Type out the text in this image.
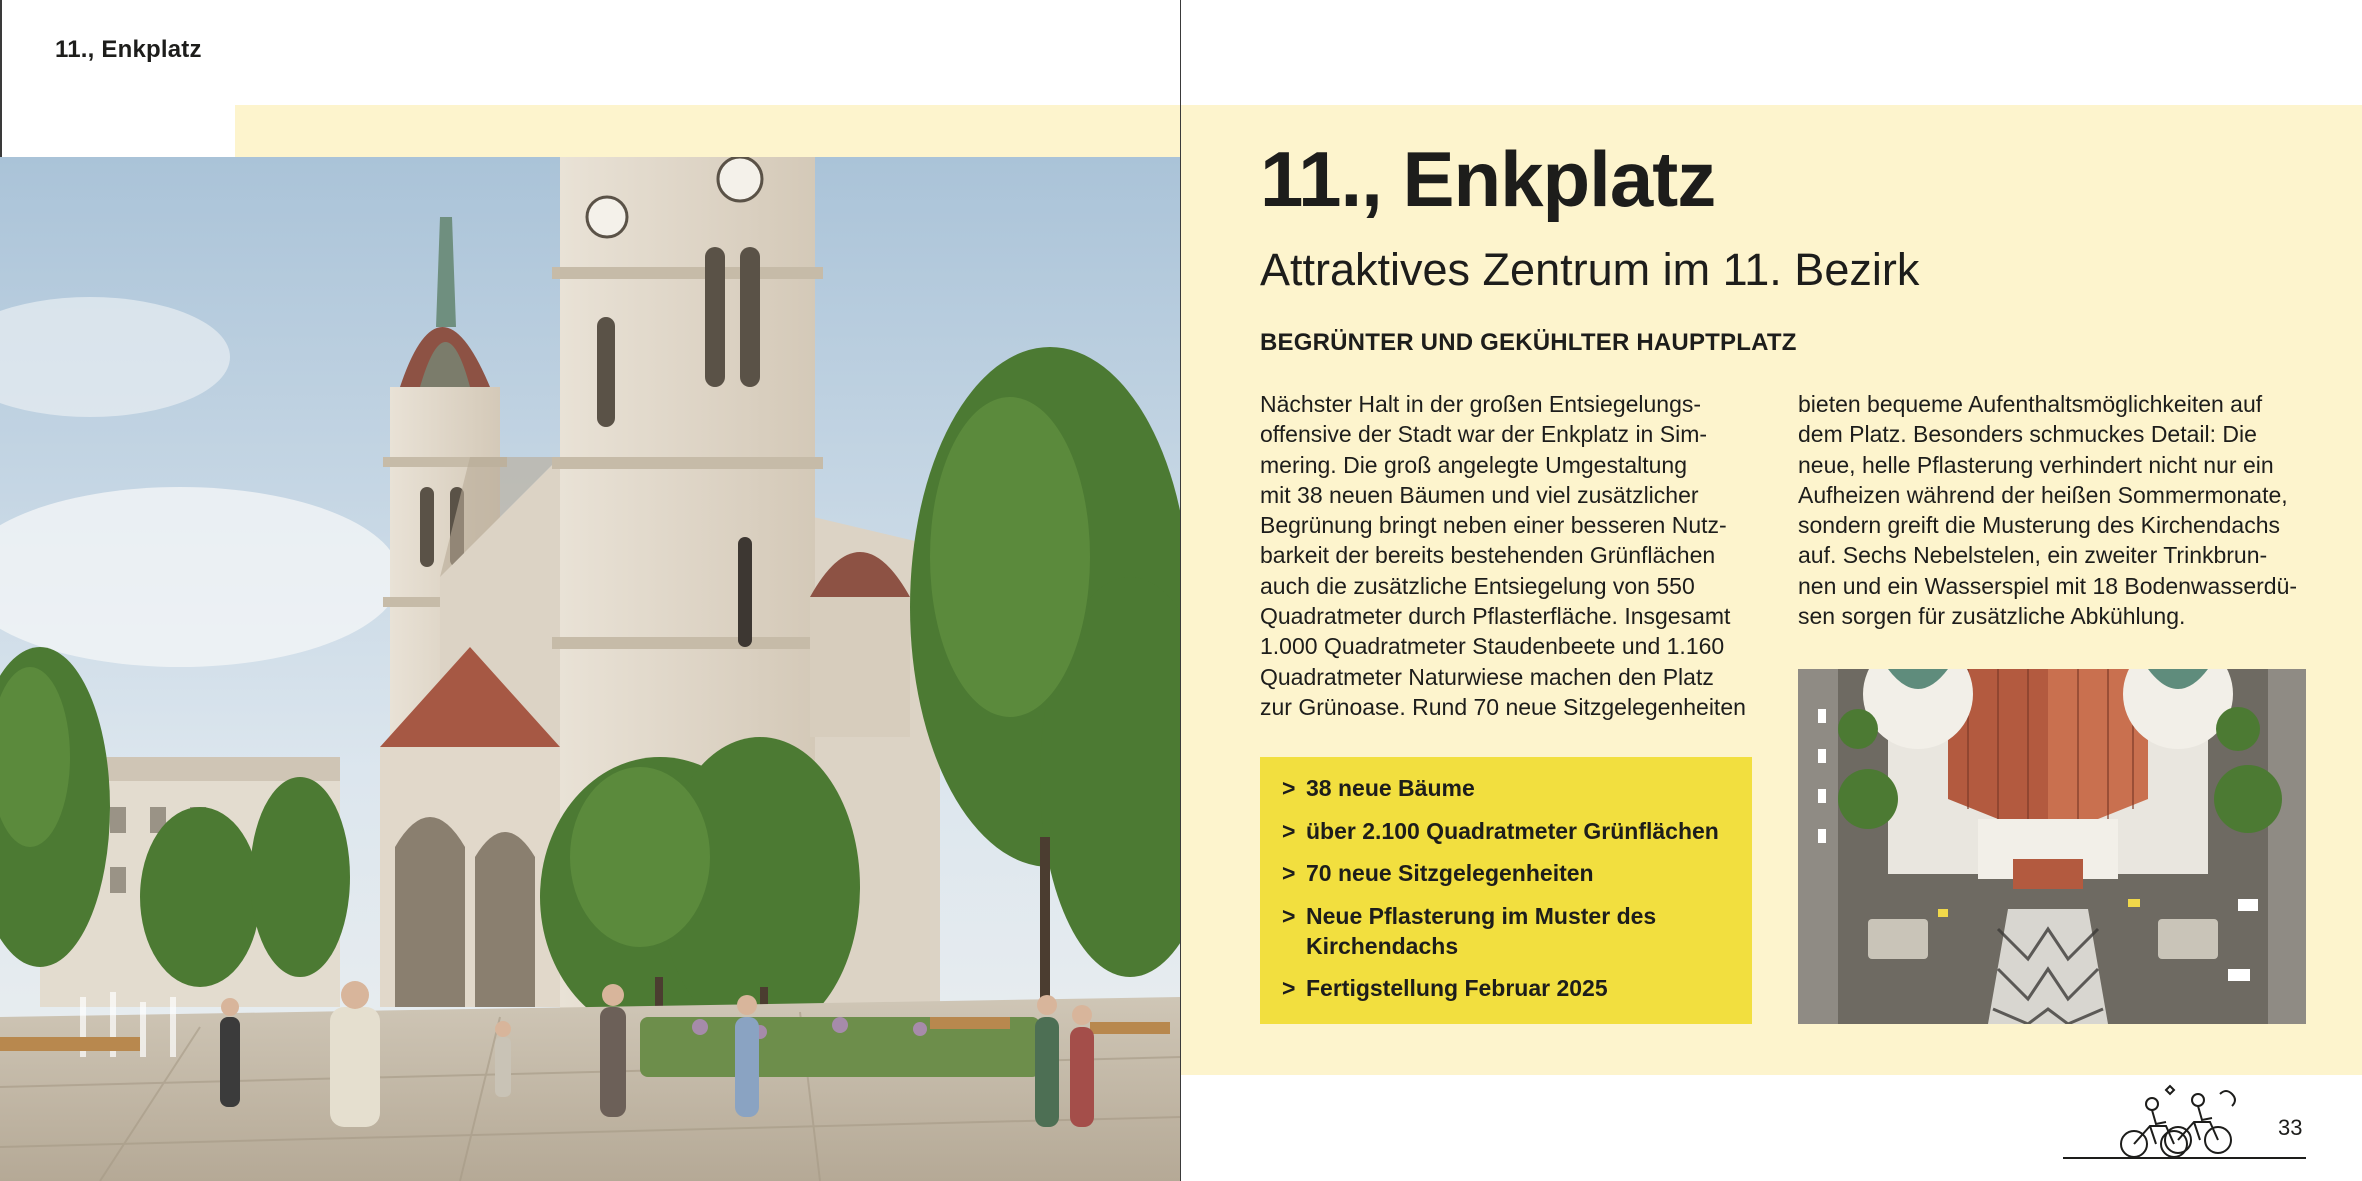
11., Enkplatz
11., Enkplatz
Attraktives Zentrum im 11. Bezirk
BEGRÜNTER UND GEKÜHLTER HAUPTPLATZ
Nächster Halt in der großen Entsiegelungs-
offensive der Stadt war der Enkplatz in Sim-
mering. Die groß angelegte Umgestaltung
mit 38 neuen Bäumen und viel zusätzlicher
Begrünung bringt neben einer besseren Nutz-
barkeit der bereits bestehenden Grünflächen
auch die zusätzliche Entsiegelung von 550
Quadratmeter durch Pflasterfläche. Insgesamt
1.000 Quadratmeter Staudenbeete und 1.160
Quadratmeter Naturwiese machen den Platz
zur Grünoase. Rund 70 neue Sitzgelegenheiten
bieten bequeme Aufenthaltsmöglichkeiten auf
dem Platz. Besonders schmuckes Detail: Die
neue, helle Pflasterung verhindert nicht nur ein
Aufheizen während der heißen Sommermonate,
sondern greift die Musterung des Kirchendachs
auf. Sechs Nebelstelen, ein zweiter Trinkbrun-
nen und ein Wasserspiel mit 18 Bodenwasserdü-
sen sorgen für zusätzliche Abkühlung.
> 38 neue Bäume
> über 2.100 Quadratmeter Grünflächen
> 70 neue Sitzgelegenheiten
> Neue Pflasterung im Muster des
Kirchendachs
> Fertigstellung Februar 2025
33
